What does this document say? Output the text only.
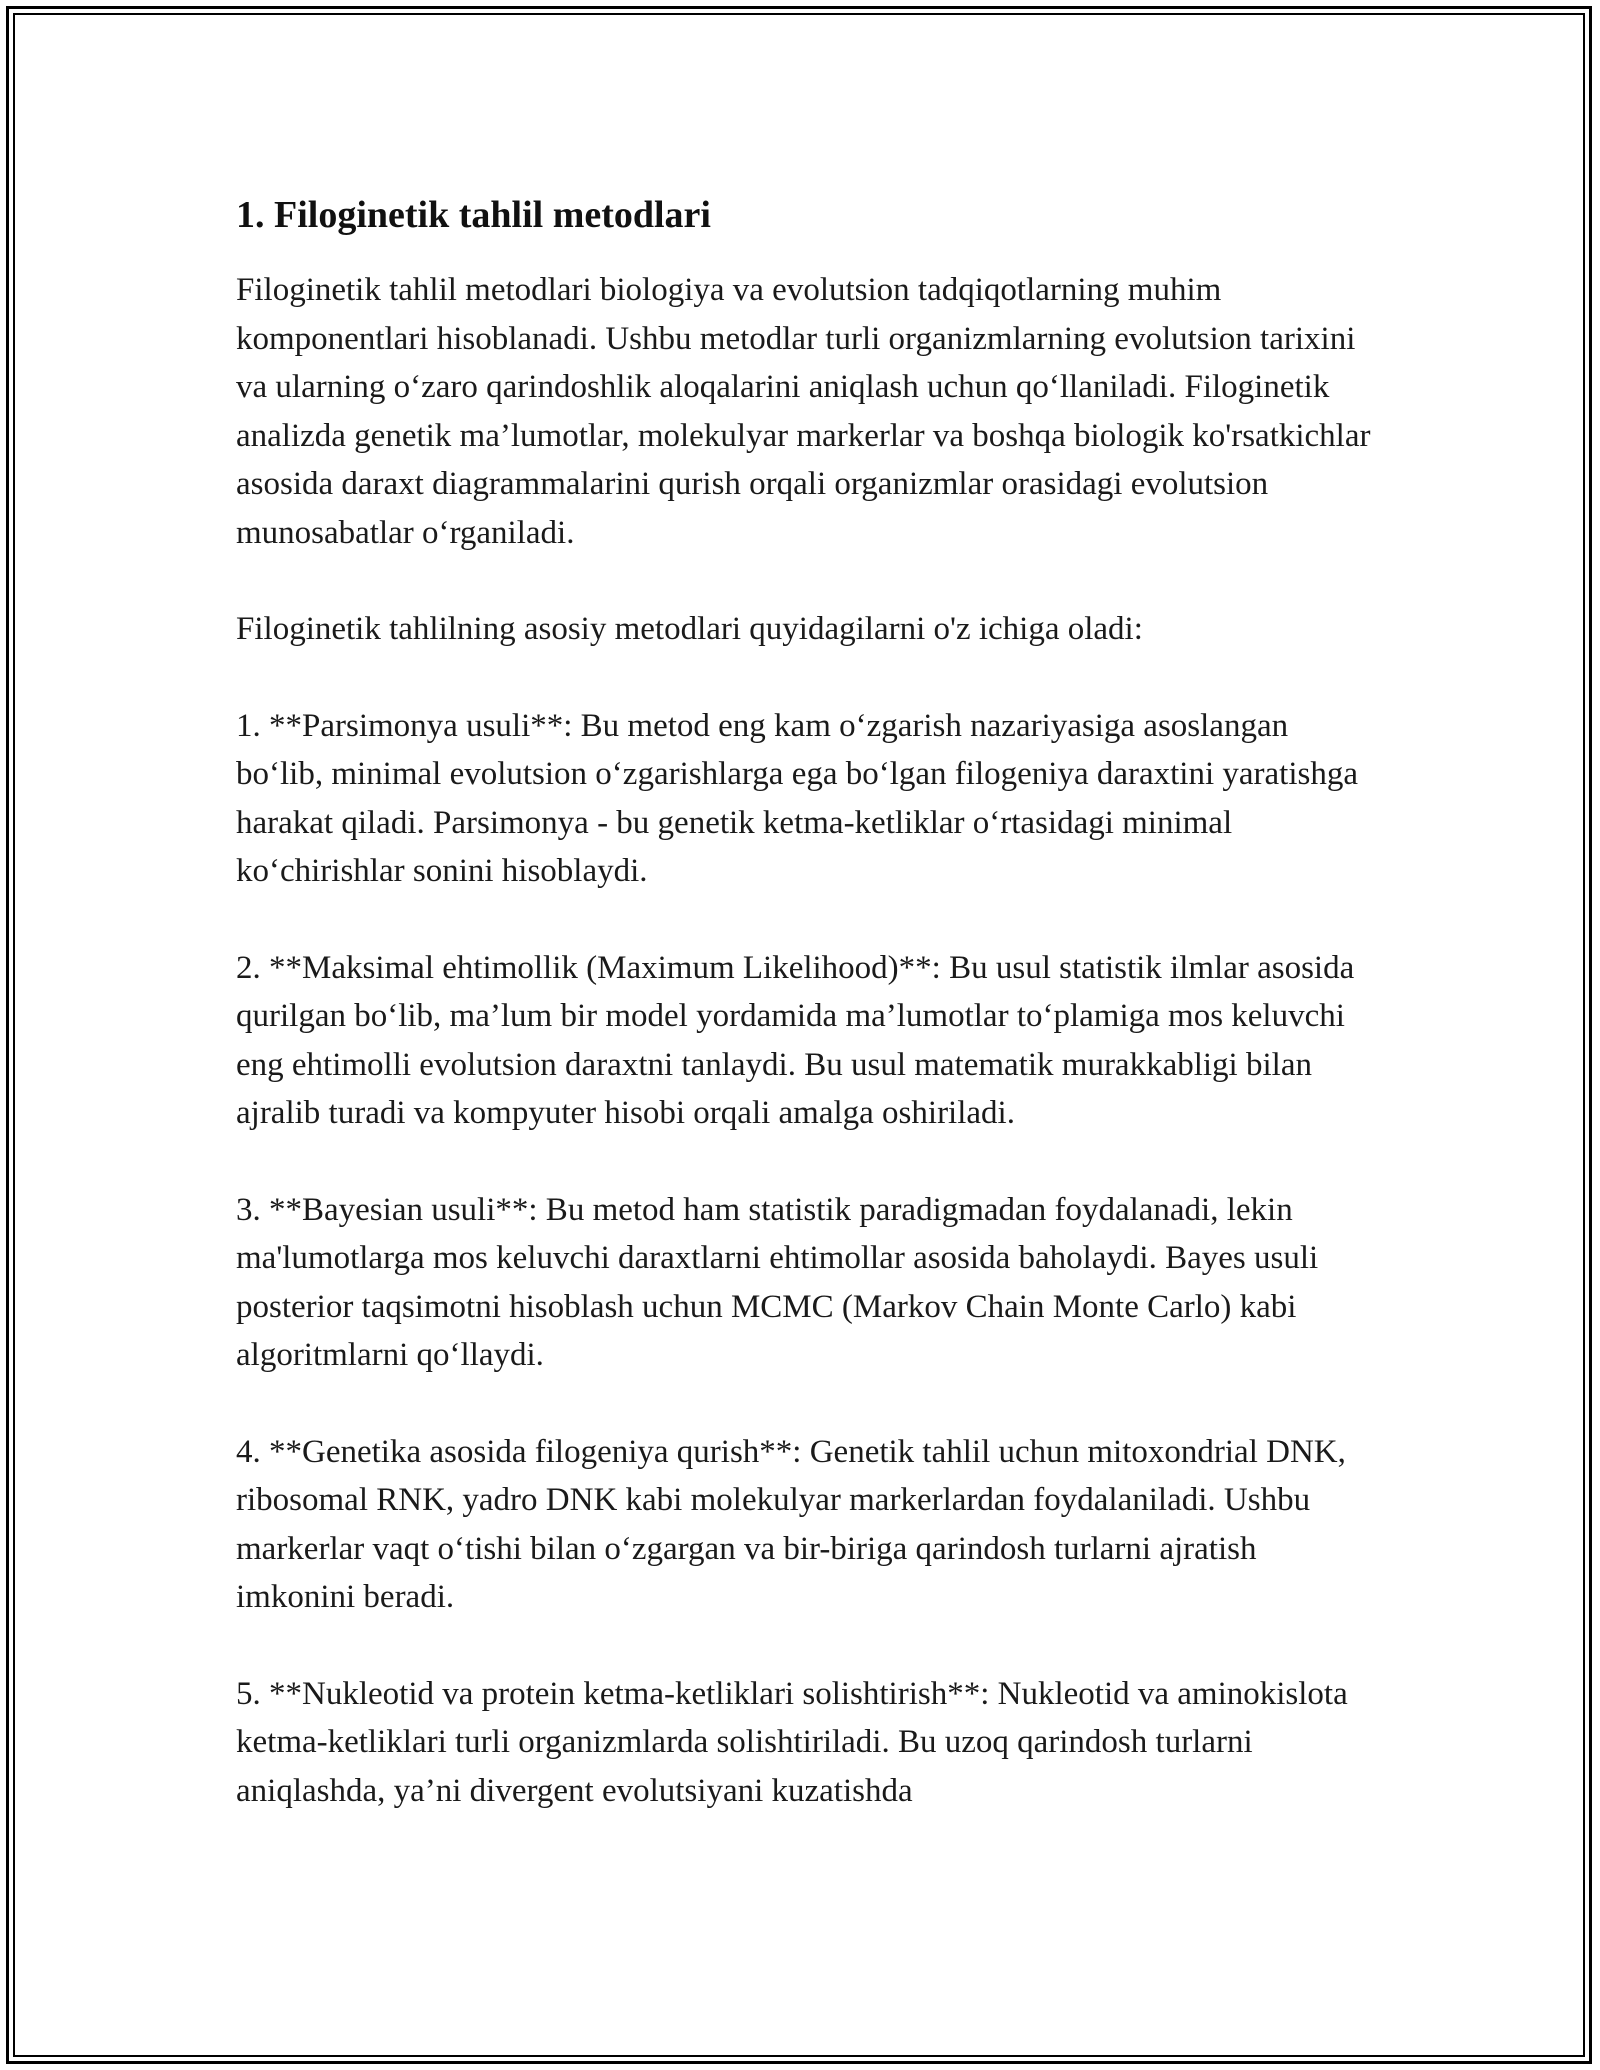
1. Filoginetik tahlil metodlari

Filoginetik tahlil metodlari biologiya va evolutsion tadqiqotlarning muhim komponentlari hisoblanadi. Ushbu metodlar turli organizmlarning evolutsion tarixini va ularning o‘zaro qarindoshlik aloqalarini aniqlash uchun qo‘llaniladi. Filoginetik analizda genetik ma’lumotlar, molekulyar markerlar va boshqa biologik ko'rsatkichlar asosida daraxt diagrammalarini qurish orqali organizmlar orasidagi evolutsion munosabatlar o‘rganiladi.

Filoginetik tahlilning asosiy metodlari quyidagilarni o'z ichiga oladi:

1. **Parsimonya usuli**: Bu metod eng kam o‘zgarish nazariyasiga asoslangan bo‘lib, minimal evolutsion o‘zgarishlarga ega bo‘lgan filogeniya daraxtini yaratishga harakat qiladi. Parsimonya - bu genetik ketma-ketliklar o‘rtasidagi minimal ko‘chirishlar sonini hisoblaydi.

2. **Maksimal ehtimollik (Maximum Likelihood)**: Bu usul statistik ilmlar asosida qurilgan bo‘lib, ma’lum bir model yordamida ma’lumotlar to‘plamiga mos keluvchi eng ehtimolli evolutsion daraxtni tanlaydi. Bu usul matematik murakkabligi bilan ajralib turadi va kompyuter hisobi orqali amalga oshiriladi.

3. **Bayesian usuli**: Bu metod ham statistik paradigmadan foydalanadi, lekin ma'lumotlarga mos keluvchi daraxtlarni ehtimollar asosida baholaydi. Bayes usuli posterior taqsimotni hisoblash uchun MCMC (Markov Chain Monte Carlo) kabi algoritmlarni qo‘llaydi.

4. **Genetika asosida filogeniya qurish**: Genetik tahlil uchun mitoxondrial DNK, ribosomal RNK, yadro DNK kabi molekulyar markerlardan foydalaniladi. Ushbu markerlar vaqt o‘tishi bilan o‘zgargan va bir-biriga qarindosh turlarni ajratish imkonini beradi.

5. **Nukleotid va protein ketma-ketliklari solishtirish**: Nukleotid va aminokislota ketma-ketliklari turli organizmlarda solishtiriladi. Bu uzoq qarindosh turlarni aniqlashda, ya’ni divergent evolutsiyani kuzatishda
